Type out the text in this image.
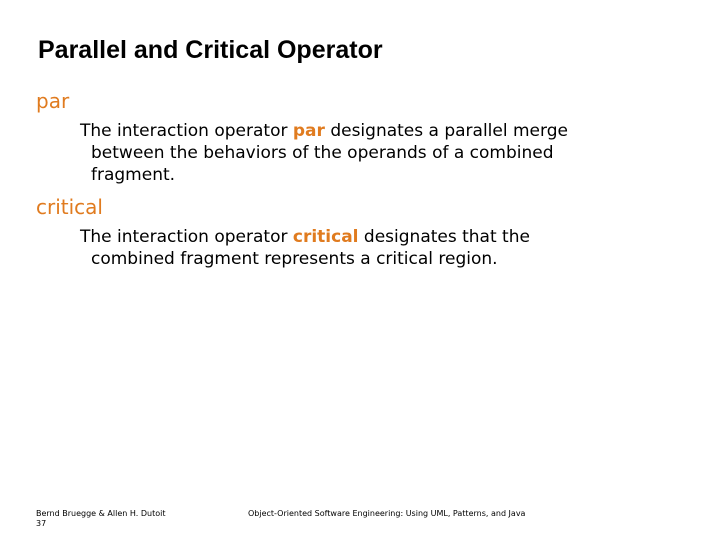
Parallel and Critical Operator
par
The interaction operator par designates a parallel merge
between the behaviors of the operands of a combined
fragment.
critical
The interaction operator critical designates that the
combined fragment represents a critical region.
Bernd Bruegge & Allen H. Dutoit
37
Object-Oriented Software Engineering: Using UML, Patterns, and Java
